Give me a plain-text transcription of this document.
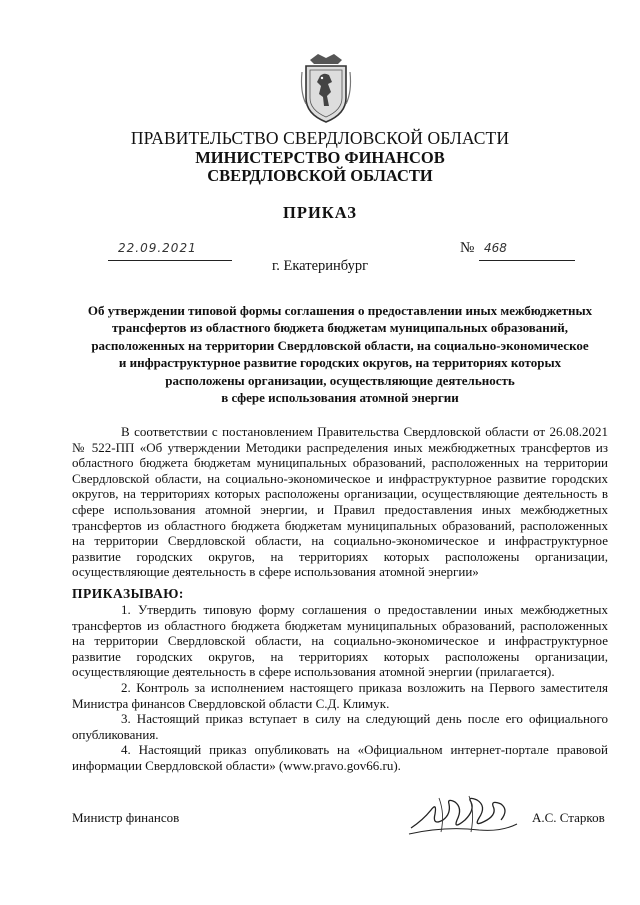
ПРАВИТЕЛЬСТВО СВЕРДЛОВСКОЙ ОБЛАСТИ
МИНИСТЕРСТВО ФИНАНСОВ
СВЕРДЛОВСКОЙ ОБЛАСТИ
ПРИКАЗ
22.09.2021	№ 468
г. Екатеринбург
Об утверждении типовой формы соглашения о предоставлении иных межбюджетных
трансфертов из областного бюджета бюджетам муниципальных образований,
расположенных на территории Свердловской области, на социально-экономическое
и инфраструктурное развитие городских округов, на территориях которых
расположены организации, осуществляющие деятельность
в сфере использования атомной энергии
В соответствии с постановлением Правительства Свердловской области от 26.08.2021 № 522-ПП «Об утверждении Методики распределения иных межбюджетных трансфертов из областного бюджета бюджетам муниципальных образований, расположенных на территории Свердловской области, на социально-экономическое и инфраструктурное развитие городских округов, на территориях которых расположены организации, осуществляющие деятельность в сфере использования атомной энергии, и Правил предоставления иных межбюджетных трансфертов из областного бюджета бюджетам муниципальных образований, расположенных на территории Свердловской области, на социально-экономическое и инфраструктурное развитие городских округов, на территориях которых расположены организации, осуществляющие деятельность в сфере использования атомной энергии»
ПРИКАЗЫВАЮ:

1. Утвердить типовую форму соглашения о предоставлении иных межбюджетных трансфертов из областного бюджета бюджетам муниципальных образований, расположенных на территории Свердловской области, на социально-экономическое и инфраструктурное развитие городских округов, на территориях которых расположены организации, осуществляющие деятельность в сфере использования атомной энергии (прилагается).

2. Контроль за исполнением настоящего приказа возложить на Первого заместителя Министра финансов Свердловской области С.Д. Климук.

3. Настоящий приказ вступает в силу на следующий день после его официального опубликования.

4. Настоящий приказ опубликовать на «Официальном интернет-портале правовой информации Свердловской области» (www.pravo.gov66.ru).

Министр финансов	А.С. Старков
